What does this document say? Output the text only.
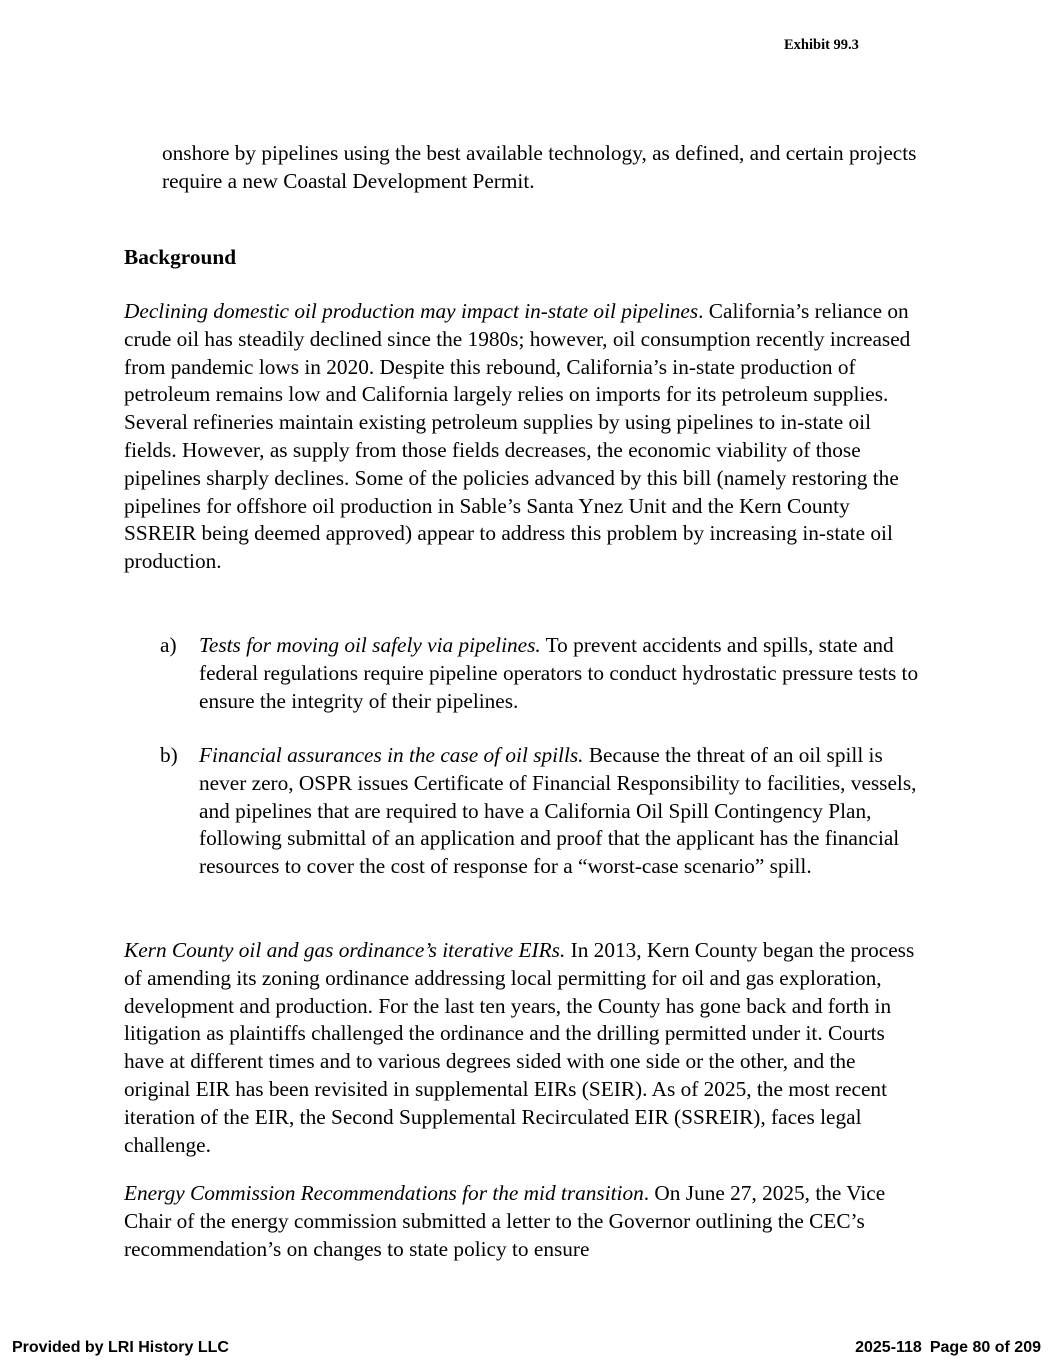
Exhibit 99.3

onshore by pipelines using the best available technology, as defined, and certain projects require a new Coastal Development Permit.

Background

Declining domestic oil production may impact in-state oil pipelines. California’s reliance on crude oil has steadily declined since the 1980s; however, oil consumption recently increased from pandemic lows in 2020. Despite this rebound, California’s in-state production of petroleum remains low and California largely relies on imports for its petroleum supplies. Several refineries maintain existing petroleum supplies by using pipelines to in-state oil fields. However, as supply from those fields decreases, the economic viability of those pipelines sharply declines. Some of the policies advanced by this bill (namely restoring the pipelines for offshore oil production in Sable’s Santa Ynez Unit and the Kern County SSREIR being deemed approved) appear to address this problem by increasing in-state oil production.

a)	Tests for moving oil safely via pipelines. To prevent accidents and spills, state and federal regulations require pipeline operators to conduct hydrostatic pressure tests to ensure the integrity of their pipelines.
b) Financial assurances in the case of oil spills. Because the threat of an oil spill is never zero, OSPR issues Certificate of Financial Responsibility to facilities, vessels, and pipelines that are required to have a California Oil Spill Contingency Plan, following submittal of an application and proof that the applicant has the financial resources to cover the cost of response for a “worst-case scenario” spill.

Kern County oil and gas ordinance’s iterative EIRs. In 2013, Kern County began the process of amending its zoning ordinance addressing local permitting for oil and gas exploration, development and production. For the last ten years, the County has gone back and forth in litigation as plaintiffs challenged the ordinance and the drilling permitted under it. Courts have at different times and to various degrees sided with one side or the other, and the original EIR has been revisited in supplemental EIRs (SEIR). As of 2025, the most recent iteration of the EIR, the Second Supplemental Recirculated EIR (SSREIR), faces legal challenge.

Energy Commission Recommendations for the mid transition. On June 27, 2025, the Vice Chair of the energy commission submitted a letter to the Governor outlining the CEC’s recommendation’s on changes to state policy to ensure

Provided by LRI History LLC	2025-118 Page 80 of 209
